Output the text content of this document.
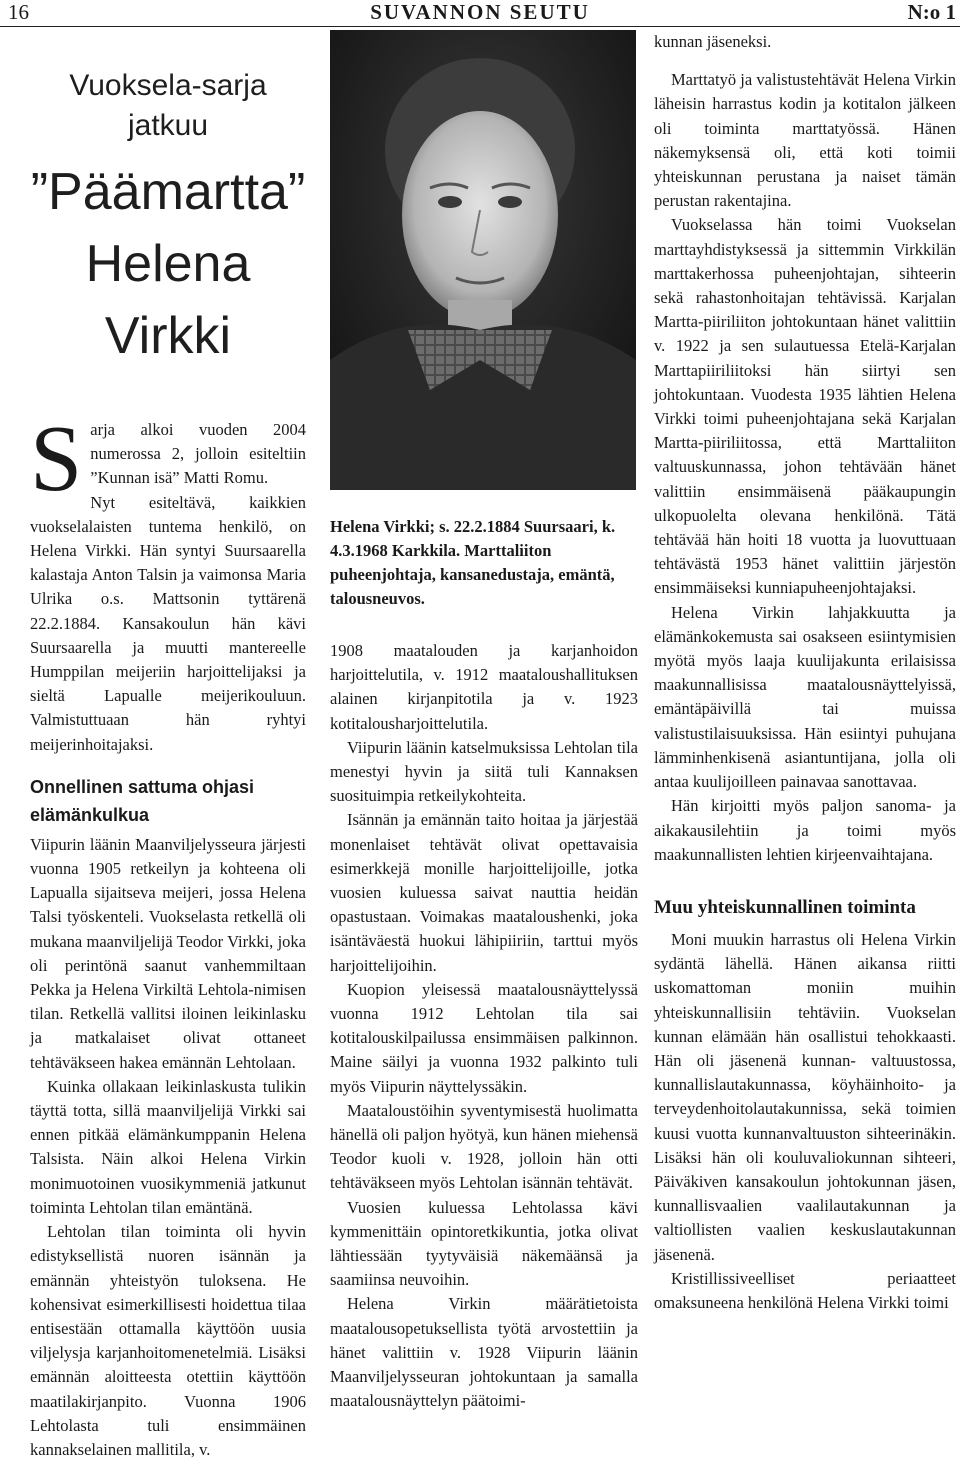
SUVANNON SEUTU
16	N:o 1
Vuoksela-sarja
jatkuu
”Päämartta”
Helena
Virkki

Sarja alkoi vuoden 2004 numerossa 2, jolloin esiteltiin ”Kunnan isä” Matti Romu.

Nyt esiteltävä, kaikkien vuokselalaisten tuntema henkilö, on Helena Virkki. Hän syntyi Suursaarella kalastaja Anton Talsin ja vaimonsa Maria Ulrika o.s. Mattsonin tyttärenä 22.2.1884. Kansakoulun hän kävi Suursaarella ja muutti mantereelle Humppilan meijeriin harjoittelijaksi ja sieltä Lapualle meijerikouluun. Valmistuttuaan hän ryhtyi meijerinhoitajaksi.

Onnellinen sattuma ohjasi elämänkulkua

Viipurin läänin Maanviljelysseura järjesti vuonna 1905 retkeilyn ja kohteena oli Lapualla sijaitseva meijeri, jossa Helena Talsi työskenteli. Vuokselasta retkellä oli mukana maanviljelijä Teodor Virkki, joka oli perintönä saanut vanhemmiltaan Pekka ja Helena Virkiltä Lehtola-nimisen tilan. Retkellä vallitsi iloinen leikinlasku ja matkalaiset olivat ottaneet tehtäväkseen hakea emännän Lehtolaan.

Kuinka ollakaan leikinlaskusta tulikin täyttä totta, sillä maanviljelijä Virkki sai ennen pitkää elämänkumppanin Helena Talsista. Näin alkoi Helena Virkin monimuotoinen vuosikymmeniä jatkunut toiminta Lehtolan tilan emäntänä.

Lehtolan tilan toiminta oli hyvin edistyksellistä nuoren isännän ja emännän yhteistyön tuloksena. He kohensivat esimerkillisesti hoidettua tilaa entisestään ottamalla käyttöön uusia viljelysja karjanhoitomenetelmiä. Lisäksi emännän aloitteesta otettiin käyttöön maatilakirjanpito. Vuonna 1906 Lehtolasta tuli ensimmäinen kannakselainen mallitila, v.

Helena Virkki; s. 22.2.1884 Suursaari, k. 4.3.1968 Karkkila. Marttaliiton puheenjohtaja, kansanedustaja, emäntä, talousneuvos.

1908 maatalouden ja karjanhoidon harjoittelutila, v. 1912 maataloushallituksen alainen kirjanpitotila ja v. 1923 kotitalousharjoittelutila.

Viipurin läänin katselmuksissa Lehtolan tila menestyi hyvin ja siitä tuli Kannaksen suosituimpia retkeilykohteita.

Isännän ja emännän taito hoitaa ja järjestää monenlaiset tehtävät olivat opettavaisia esimerkkejä monille harjoittelijoille, jotka vuosien kuluessa saivat nauttia heidän opastustaan. Voimakas maataloushenki, joka isäntäväestä huokui lähipiiriin, tarttui myös harjoittelijoihin.

Kuopion yleisessä maatalousnäyttelyssä vuonna 1912 Lehtolan tila sai kotitalouskilpailussa ensimmäisen palkinnon. Maine säilyi ja vuonna 1932 palkinto tuli myös Viipurin näyttelyssäkin.

Maataloustöihin syventymisestä huolimatta hänellä oli paljon hyötyä, kun hänen miehensä Teodor kuoli v. 1928, jolloin hän otti tehtäväkseen myös Lehtolan isännän tehtävät.

Vuosien kuluessa Lehtolassa kävi kymmenittäin opintoretkikuntia, jotka olivat lähtiessään tyytyväisiä näkemäänsä ja saamiinsa neuvoihin.

Helena Virkin määrätietoista maatalousopetuksellista työtä arvostettiin ja hänet valittiin v. 1928 Viipurin läänin Maanviljelysseuran johtokuntaan ja samalla maatalousnäyttelyn päätoimi-

kunnan jäseneksi.

Marttatyö ja valistustehtävät Helena Virkin läheisin harrastus kodin ja kotitalon jälkeen oli toiminta marttatyössä. Hänen näkemyksensä oli, että koti toimii yhteiskunnan perustana ja naiset tämän perustan rakentajina.

Vuokselassa hän toimi Vuokselan marttayhdistyksessä ja sittemmin Virkkilän marttakerhossa puheenjohtajan, sihteerin sekä rahastonhoitajan tehtävissä. Karjalan Martta-piiriliiton johtokuntaan hänet valittiin v. 1922 ja sen sulautuessa Etelä-Karjalan Marttapiiriliitoksi hän siirtyi sen johtokuntaan. Vuodesta 1935 lähtien Helena Virkki toimi puheenjohtajana sekä Karjalan Martta-piiriliitossa, että Marttaliiton valtuuskunnassa, johon tehtävään hänet valittiin ensimmäisenä pääkaupungin ulkopuolelta olevana henkilönä. Tätä tehtävää hän hoiti 18 vuotta ja luovuttuaan tehtävästä 1953 hänet valittiin järjestön ensimmäiseksi kunniapuheenjohtajaksi.

Helena Virkin lahjakkuutta ja elämänkokemusta sai osakseen esiintymisien myötä myös laaja kuulijakunta erilaisissa maakunnallisissa maatalousnäyttelyissä, emäntäpäivillä tai muissa valistustilaisuuksissa. Hän esiintyi puhujana lämminhenkisenä asiantuntijana, jolla oli antaa kuulijoilleen painavaa sanottavaa.

Hän kirjoitti myös paljon sanoma- ja aikakausilehtiin ja toimi myös maakunnallisten lehtien kirjeenvaihtajana.

Muu yhteiskunnallinen toiminta

Moni muukin harrastus oli Helena Virkin sydäntä lähellä. Hänen aikansa riitti uskomattoman moniin muihin yhteiskunnallisiin tehtäviin. Vuokselan kunnan elämään hän osallistui tehokkaasti. Hän oli jäsenenä kunnan- valtuustossa, kunnallislautakunnassa, köyhäinhoito- ja terveydenhoitolautakunnissa, sekä toimien kuusi vuotta kunnanvaltuuston sihteerinäkin. Lisäksi hän oli kouluvaliokunnan sihteeri, Päiväkiven kansakoulun johtokunnan jäsen, kunnallisvaalien vaalilautakunnan ja valtiollisten vaalien keskuslautakunnan jäsenenä.

Kristillissiveelliset periaatteet omaksuneena henkilönä Helena Virkki toimi
